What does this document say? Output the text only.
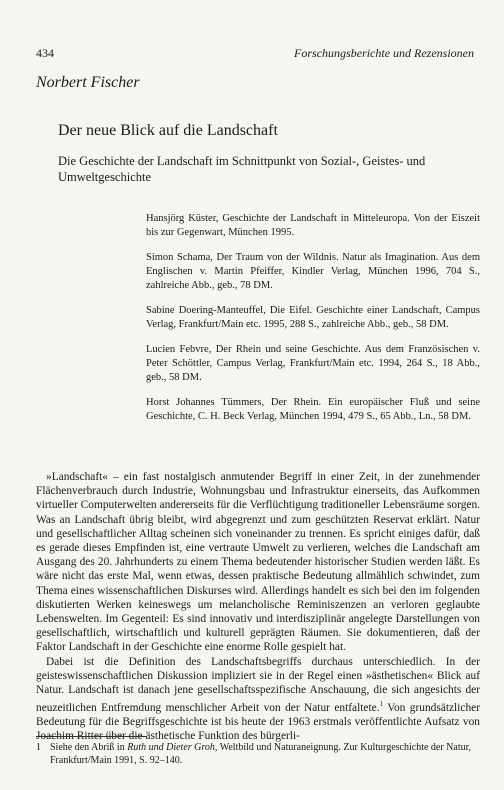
434	Forschungsberichte und Rezensionen
Norbert Fischer
Der neue Blick auf die Landschaft
Die Geschichte der Landschaft im Schnittpunkt von Sozial-, Geistes- und Umweltgeschichte

Hansjörg Küster, Geschichte der Landschaft in Mitteleuropa. Von der Eiszeit bis zur Gegenwart, München 1995.

Simon Schama, Der Traum von der Wildnis. Natur als Imagination. Aus dem Englischen v. Martin Pfeiffer, Kindler Verlag, München 1996, 704 S., zahlreiche Abb., geb., 78 DM.

Sabine Doering-Manteuffel, Die Eifel. Geschichte einer Landschaft, Campus Verlag, Frankfurt/Main etc. 1995, 288 S., zahlreiche Abb., geb., 58 DM.

Lucien Febvre, Der Rhein und seine Geschichte. Aus dem Französischen v. Peter Schöttler, Campus Verlag, Frankfurt/Main etc. 1994, 264 S., 18 Abb., geb., 58 DM.

Horst Johannes Tümmers, Der Rhein. Ein europäischer Fluß und seine Geschichte, C. H. Beck Verlag, München 1994, 479 S., 65 Abb., Ln., 58 DM.

»Landschaft« – ein fast nostalgisch anmutender Begriff in einer Zeit, in der zunehmender Flächenverbrauch durch Industrie, Wohnungsbau und Infrastruktur einerseits, das Aufkommen virtueller Computerwelten andererseits für die Verflüchtigung traditioneller Lebensräume sorgen. Was an Landschaft übrig bleibt, wird abgegrenzt und zum geschützten Reservat erklärt. Natur und gesellschaftlicher Alltag scheinen sich voneinander zu trennen. Es spricht einiges dafür, daß es gerade dieses Empfinden ist, eine vertraute Umwelt zu verlieren, welches die Landschaft am Ausgang des 20. Jahrhunderts zu einem Thema bedeutender historischer Studien werden läßt. Es wäre nicht das erste Mal, wenn etwas, dessen praktische Bedeutung allmählich schwindet, zum Thema eines wissenschaftlichen Diskurses wird. Allerdings handelt es sich bei den im folgenden diskutierten Werken keineswegs um melancholische Reminiszenzen an verloren geglaubte Lebenswelten. Im Gegenteil: Es sind innovativ und interdisziplinär angelegte Darstellungen von gesellschaftlich, wirtschaftlich und kulturell geprägten Räumen. Sie dokumentieren, daß der Faktor Landschaft in der Geschichte eine enorme Rolle gespielt hat.

Dabei ist die Definition des Landschaftsbegriffs durchaus unterschiedlich. In der geisteswissenschaftlichen Diskussion impliziert sie in der Regel einen »ästhetischen« Blick auf Natur. Landschaft ist danach jene gesellschaftsspezifische Anschauung, die sich angesichts der neuzeitlichen Entfremdung menschlicher Arbeit von der Natur entfaltete.$^1$ Von grundsätzlicher Bedeutung für die Begriffsgeschichte ist bis heute der 1963 erstmals veröffentlichte Aufsatz von Joachim Ritter über die ästhetische Funktion des bürgerli-

1 Siehe den Abriß in Ruth und Dieter Groh, Weltbild und Naturaneignung. Zur Kulturgeschichte der Natur, Frankfurt/Main 1991, S. 92–140.
